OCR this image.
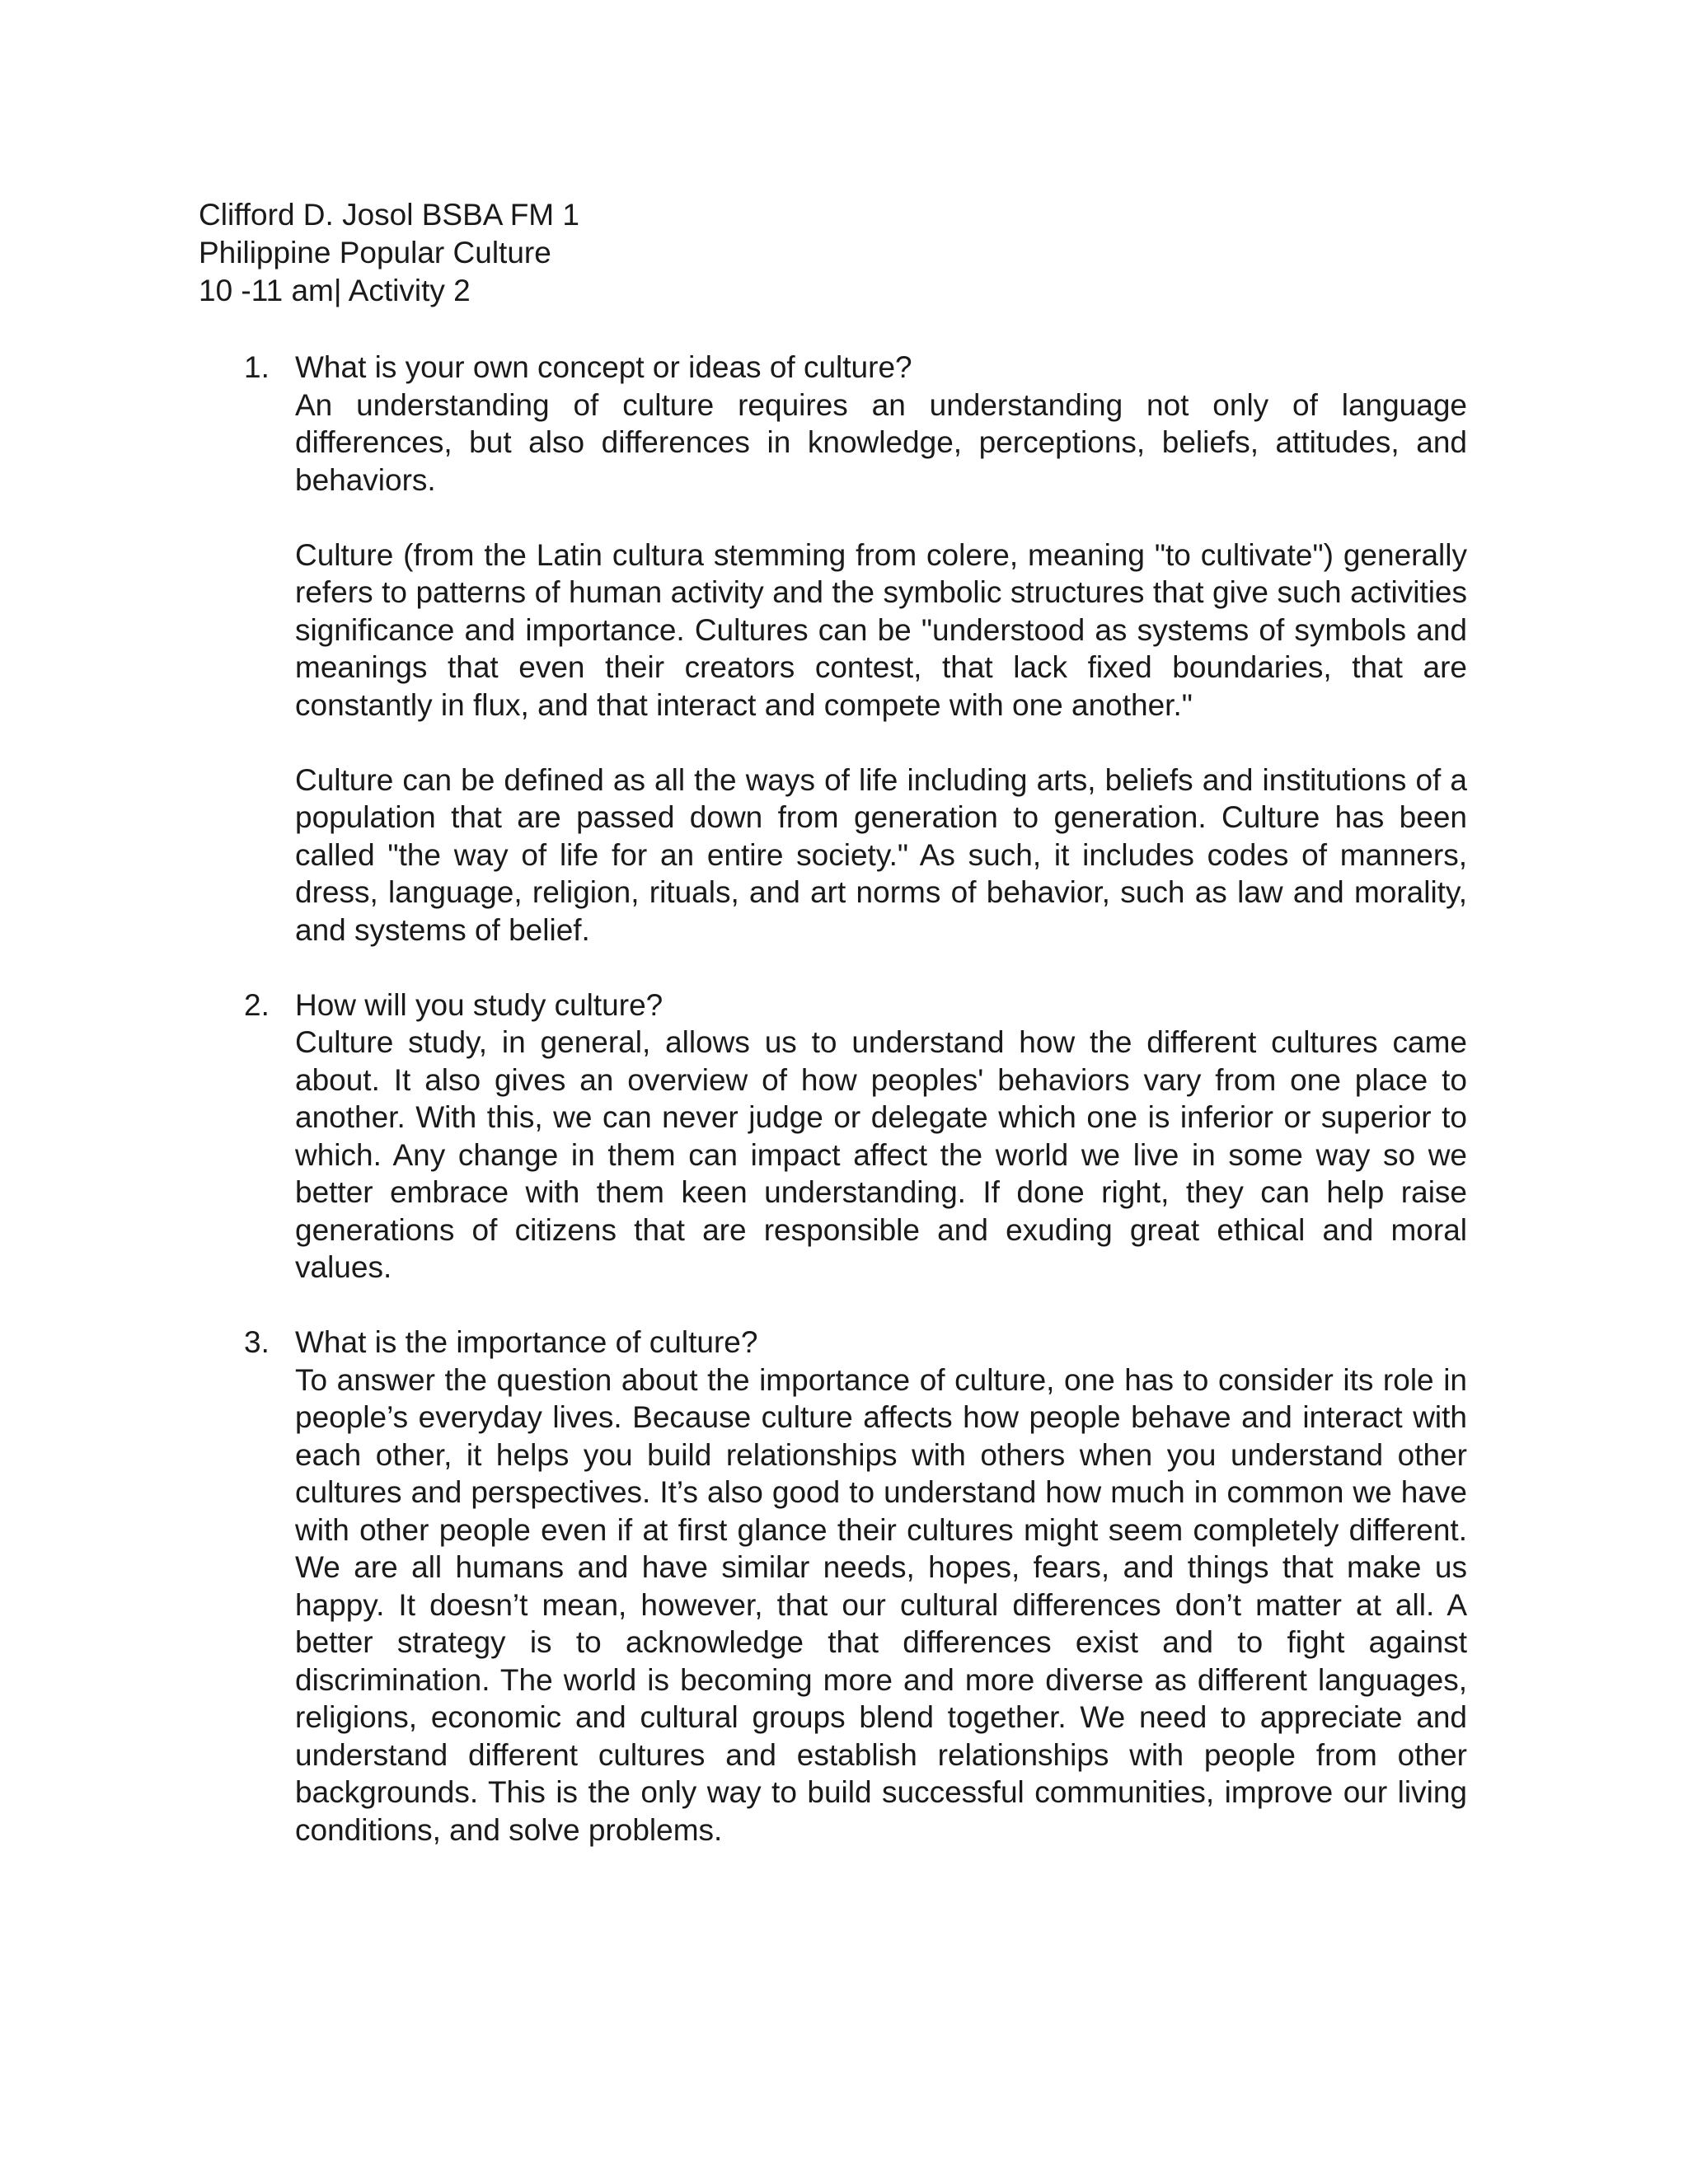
Clifford D. Josol BSBA FM 1
Philippine Popular Culture
10 -11 am| Activity 2
1. What is your own concept or ideas of culture?

An understanding of culture requires an understanding not only of language differences, but also differences in knowledge, perceptions, beliefs, attitudes, and behaviors.

Culture (from the Latin cultura stemming from colere, meaning "to cultivate") generally refers to patterns of human activity and the symbolic structures that give such activities significance and importance. Cultures can be "understood as systems of symbols and meanings that even their creators contest, that lack fixed boundaries, that are constantly in flux, and that interact and compete with one another."

Culture can be defined as all the ways of life including arts, beliefs and institutions of a population that are passed down from generation to generation. Culture has been called "the way of life for an entire society." As such, it includes codes of manners, dress, language, religion, rituals, and art norms of behavior, such as law and morality, and systems of belief.

2. How will you study culture?

Culture study, in general, allows us to understand how the different cultures came about. It also gives an overview of how peoples' behaviors vary from one place to another. With this, we can never judge or delegate which one is inferior or superior to which. Any change in them can impact affect the world we live in some way so we better embrace with them keen understanding. If done right, they can help raise generations of citizens that are responsible and exuding great ethical and moral values.

3. What is the importance of culture?

To answer the question about the importance of culture, one has to consider its role in people’s everyday lives. Because culture affects how people behave and interact with each other, it helps you build relationships with others when you understand other cultures and perspectives. It’s also good to understand how much in common we have with other people even if at first glance their cultures might seem completely different. We are all humans and have similar needs, hopes, fears, and things that make us happy. It doesn’t mean, however, that our cultural differences don’t matter at all. A better strategy is to acknowledge that differences exist and to fight against discrimination. The world is becoming more and more diverse as different languages, religions, economic and cultural groups blend together. We need to appreciate and understand different cultures and establish relationships with people from other backgrounds. This is the only way to build successful communities, improve our living conditions, and solve problems.
